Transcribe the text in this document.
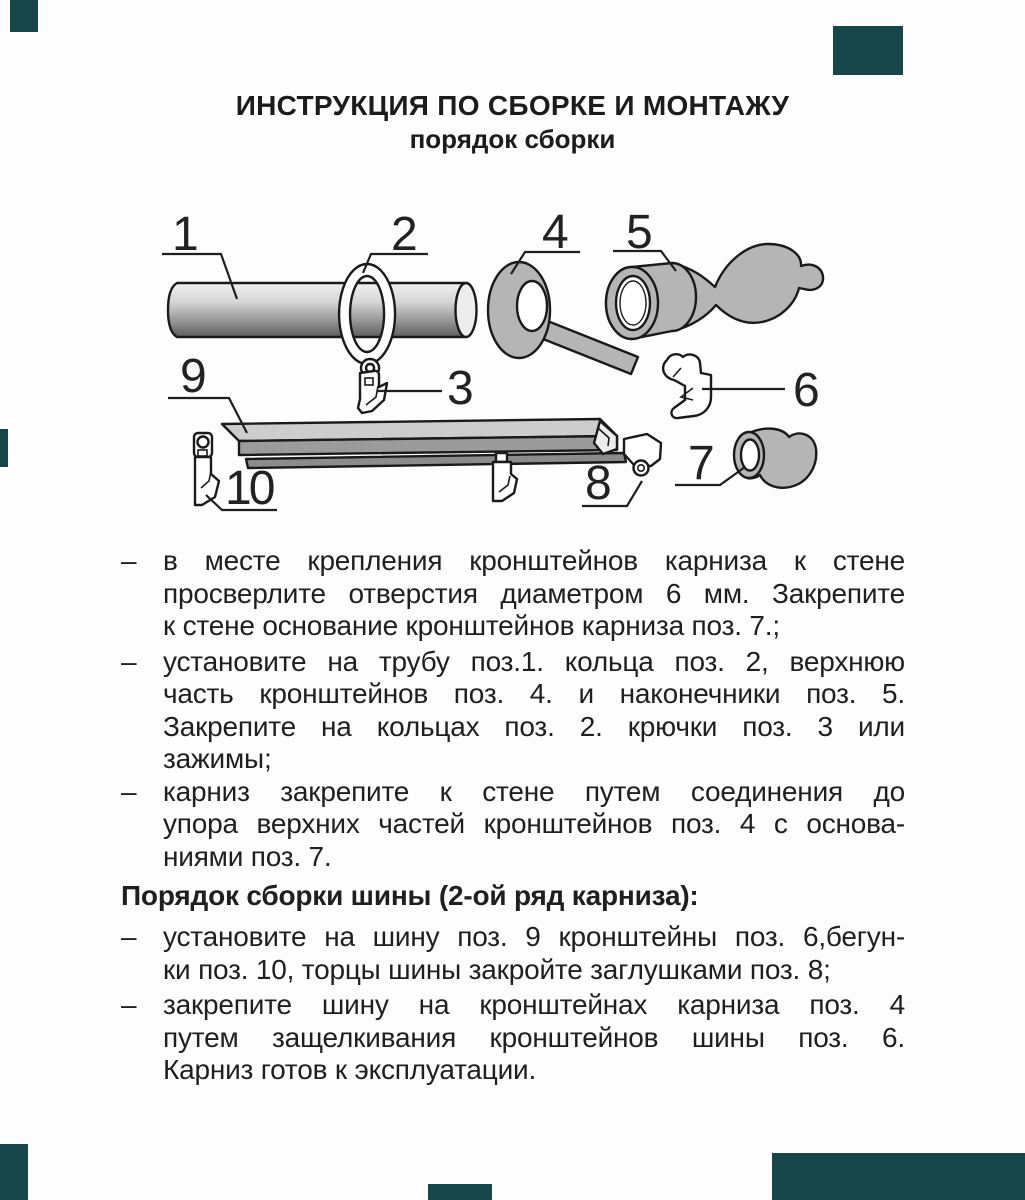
ИНСТРУКЦИЯ ПО СБОРКЕ И МОНТАЖУ
порядок сборки
1	2
3
4 5
6
7
8
9
10
– в месте крепления кронштейнов карниза к стене
просверлите отверстия диаметром 6 мм. Закрепите
к стене основание кронштейнов карниза поз. 7.;
– установите на трубу поз.1. кольца поз. 2, верхнюю
часть кронштейнов поз. 4. и наконечники поз. 5.
Закрепите на кольцах поз. 2. крючки поз. 3 или
зажимы;
– карниз закрепите к стене путем соединения до
упора верхних частей кронштейнов поз. 4 с основа-
ниями поз. 7.
Порядок сборки шины (2-ой ряд карниза):
– установите на шину поз. 9 кронштейны поз. 6,бегун-
ки поз. 10, торцы шины закройте заглушками поз. 8;
– закрепите шину на кронштейнах карниза поз. 4
путем защелкивания кронштейнов шины поз. 6.
Карниз готов к эксплуатации.
